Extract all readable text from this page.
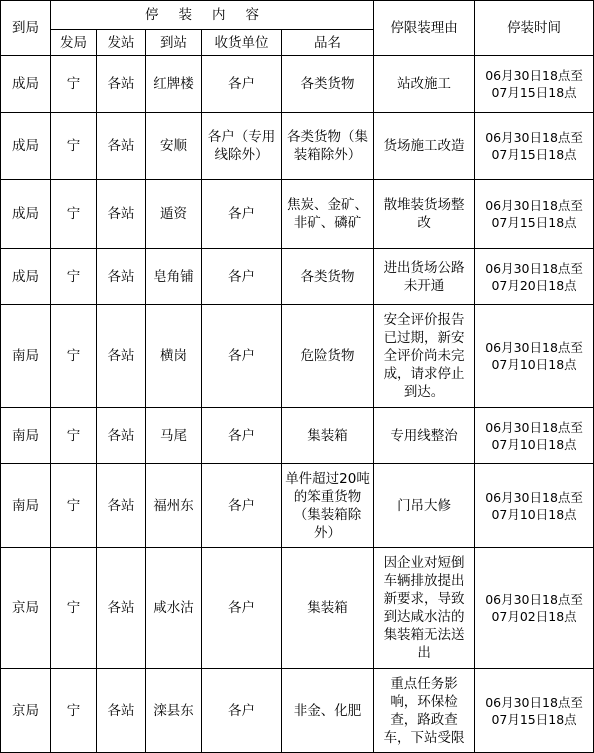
到局	停装内容					停限装理由	停装时间
	发局	发站	到站	收货单位	品名		
成局	宁	各站	红牌楼	各户	各类货物	站改施工	06月30日18点至
07月15日18点
成局	宁	各站	安顺	各户（专用线除外）	各类货物（集装箱除外）	货场施工改造	06月30日18点至
07月15日18点
成局	宁	各站	遁资	各户	焦炭、金矿、非矿、磷矿	散堆装货场整改	06月30日18点至
07月15日18点
成局	宁	各站	皂角铺	各户	各类货物	进出货场公路未开通	06月30日18点至
07月20日18点
南局	宁	各站	横岗	各户	危险货物	安全评价报告已过期，新安全评价尚未完成，请求停止到达。	06月30日18点至
07月10日18点
南局	宁	各站	马尾	各户	集装箱	专用线整治	06月30日18点至
07月10日18点
南局	宁	各站	福州东	各户	单件超过20吨的笨重货物（集装箱除外）	门吊大修	06月30日18点至
07月10日18点
京局	宁	各站	咸水沽	各户	集装箱	因企业对短倒车辆排放提出新要求，导致到达咸水沽的集装箱无法送出	06月30日18点至
07月02日18点
京局	宁	各站	滦县东	各户	非金、化肥	重点任务影响，环保检查，路政查车，下站受限	06月30日18点至
07月15日18点
